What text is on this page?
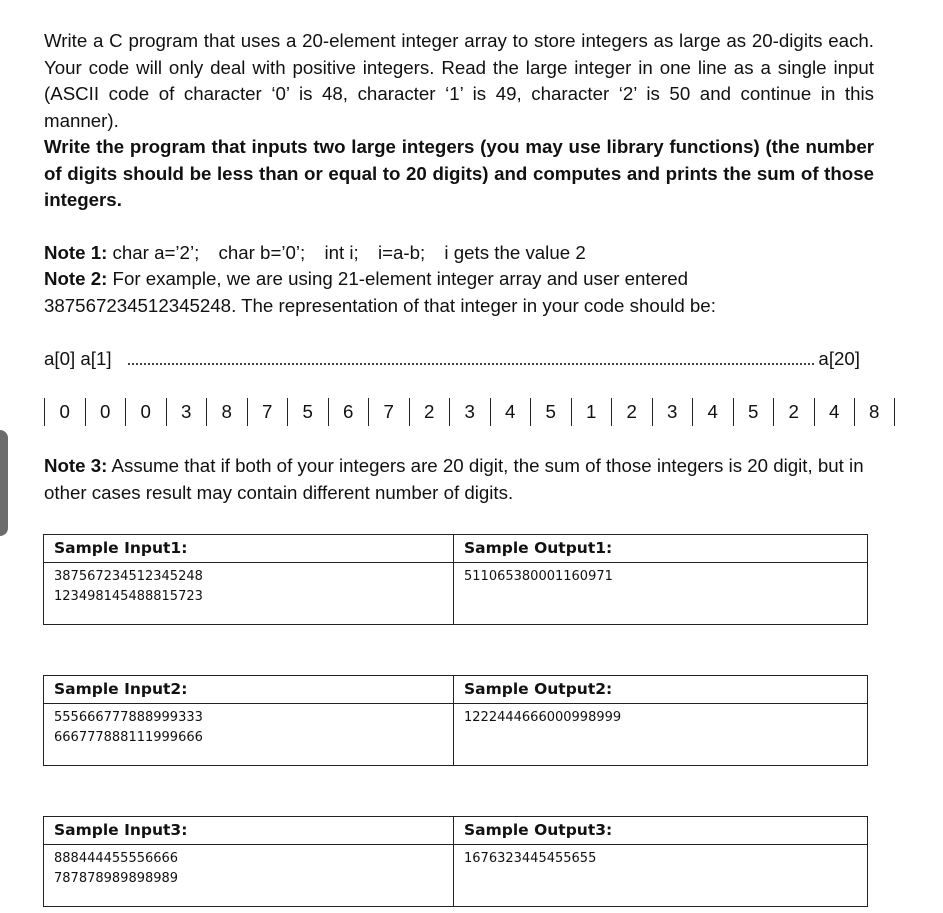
Write a C program that uses a 20-element integer array to store integers as large as 20-digits each. Your code will only deal with positive integers. Read the large integer in one line as a single input (ASCII code of character ‘0’ is 48, character ‘1’ is 49, character ‘2’ is 50 and continue in this manner).

Write the program that inputs two large integers (you may use library functions) (the number of digits should be less than or equal to 20 digits) and computes and prints the sum of those integers.

Note 1: char a=’2’; char b=’0’; int i; i=a-b; i gets the value 2

Note 2: For example, we are using 21-element integer array and user entered

387567234512345248. The representation of that integer in your code should be:

a[0] a[1]	a[20]
0	0	0	3	8	7	5	6	7	2	3	4	5	1	2	3	4	5	2	4	8

Note 3: Assume that if both of your integers are 20 digit, the sum of those integers is 20 digit, but in other cases result may contain different number of digits.

Sample Input1:	Sample Output1:

387567234512345248
123498145488815723	511065380001160971
Sample Input2:	Sample Output2:

555666777888999333
666777888111999666	1222444666000998999
Sample Input3:	Sample Output3:

888444455556666
787878989898989	1676323445455655
